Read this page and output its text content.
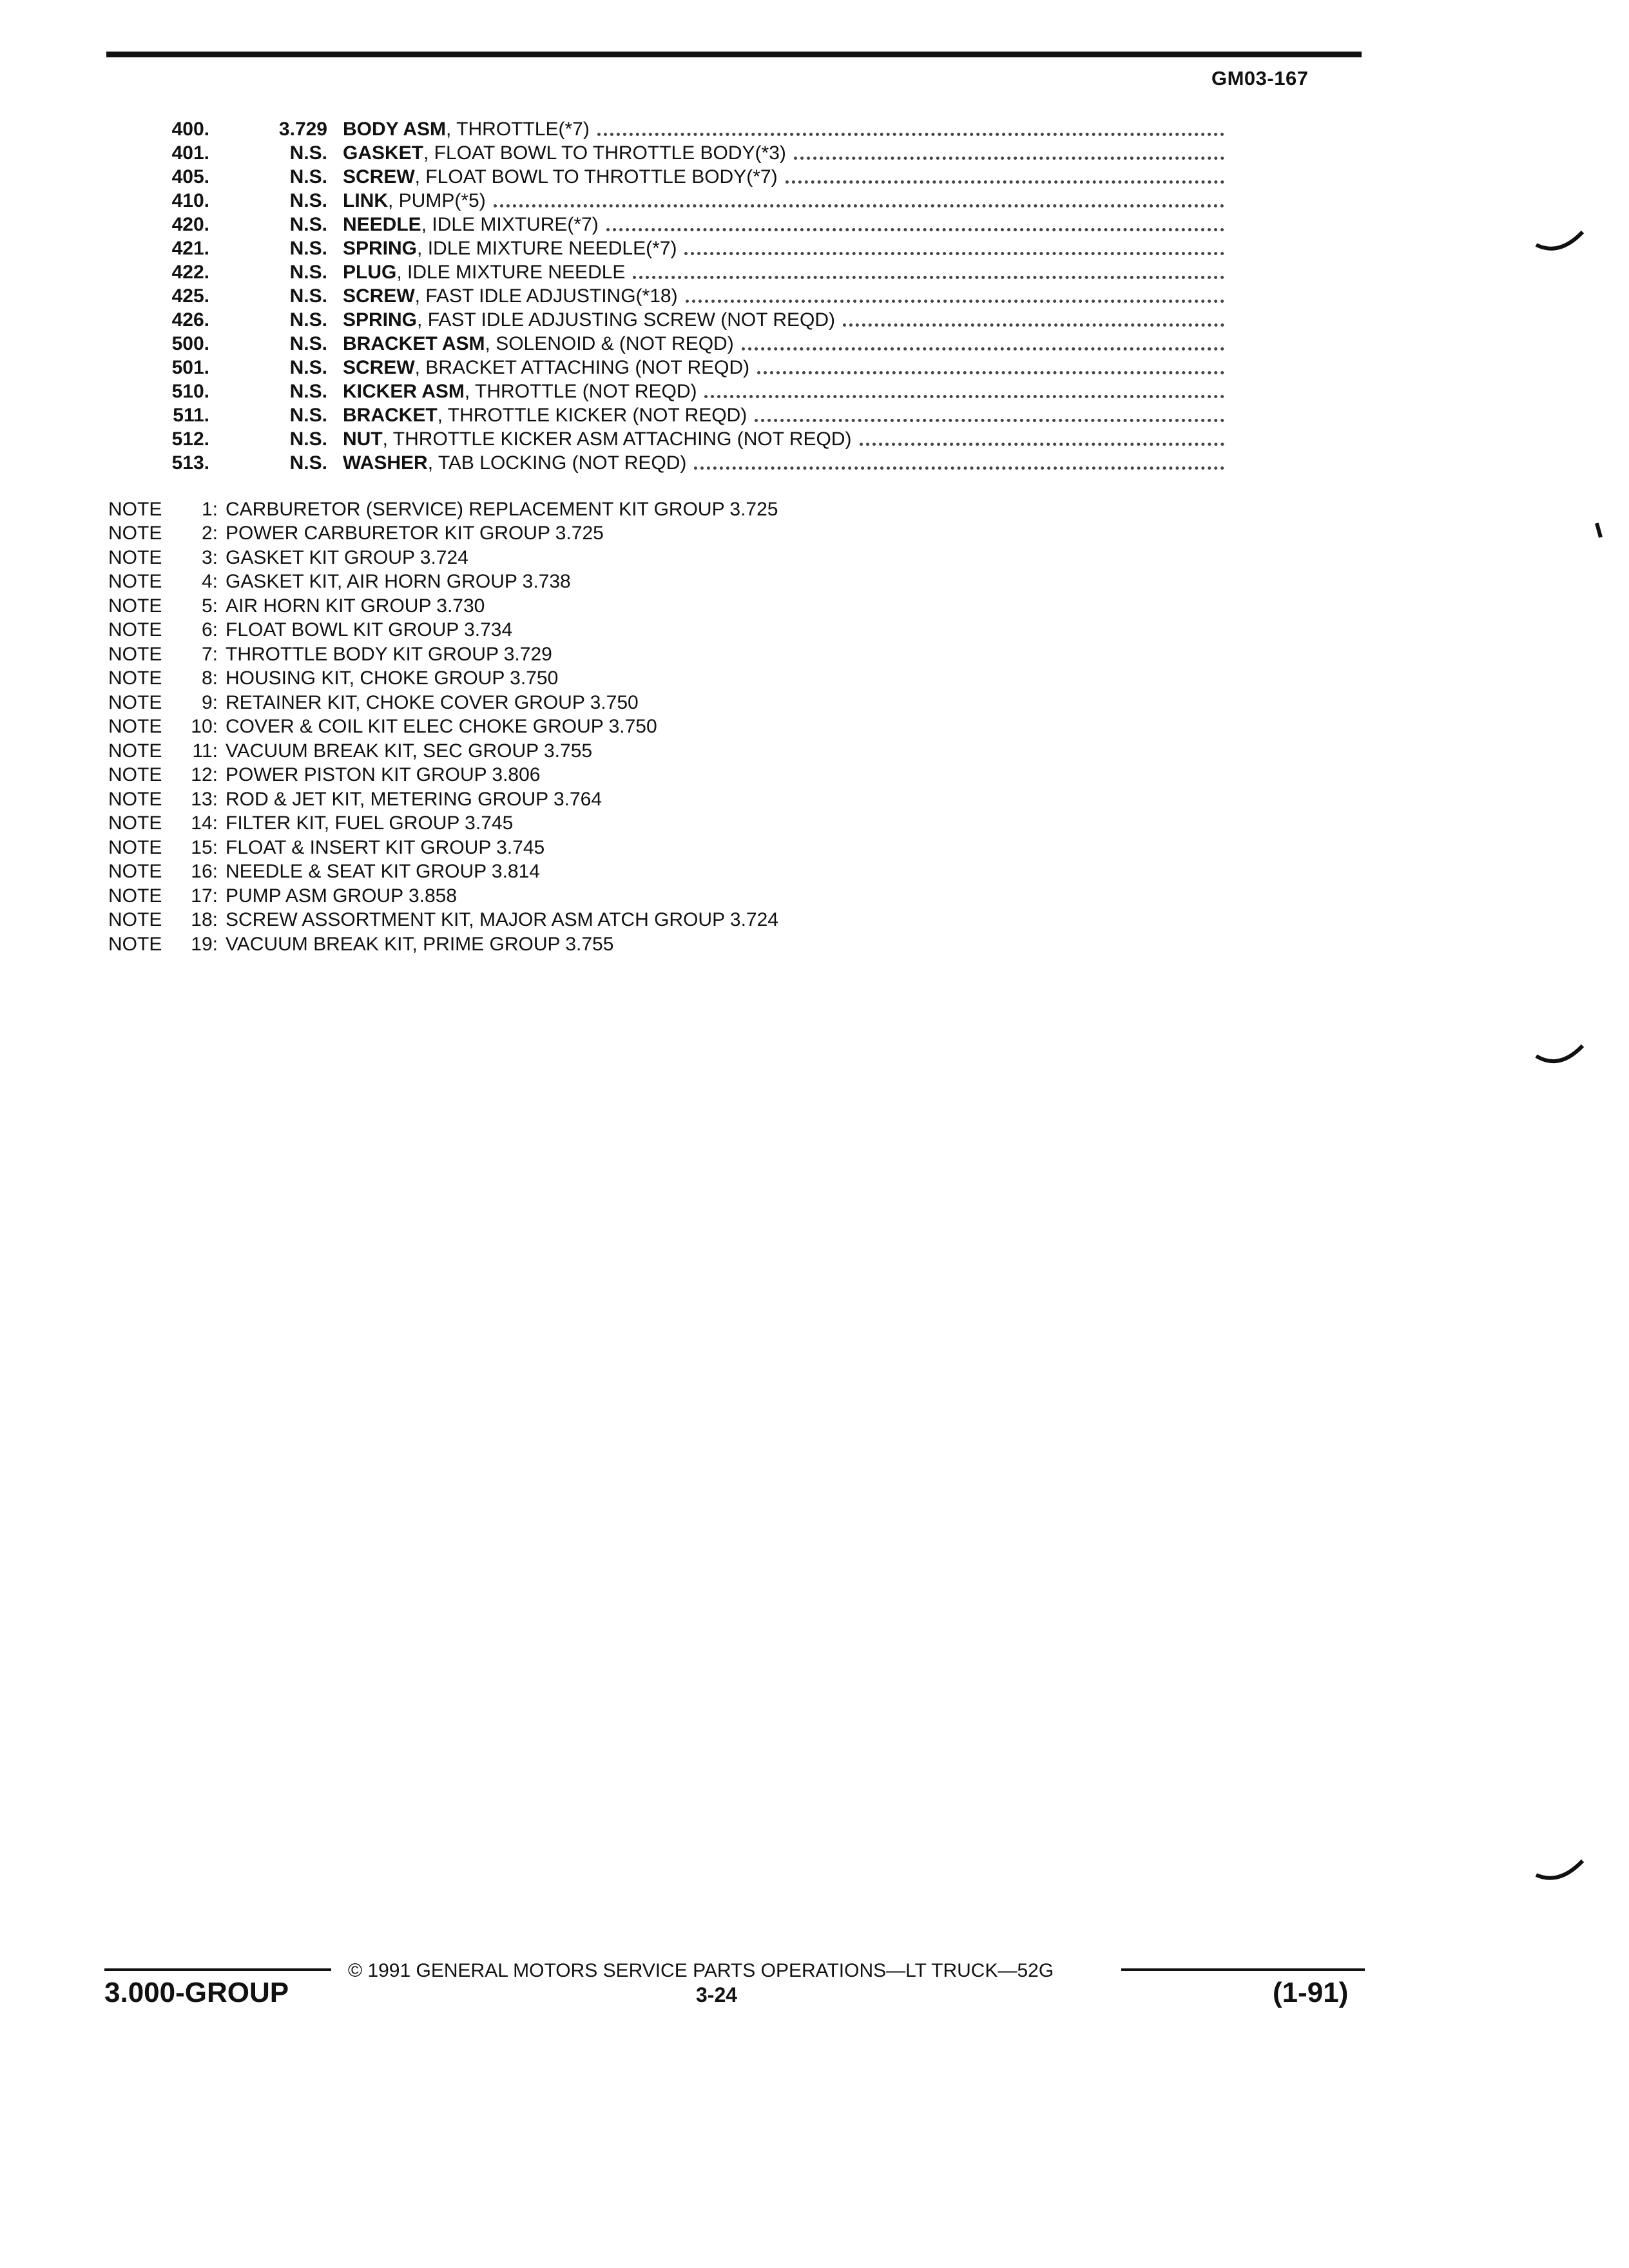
GM03-167
400.	3.729 BODY ASM , THROTTLE(*7)
401.	N.S. GASKET , FLOAT BOWL TO THROTTLE BODY(*3)
405.	N.S. SCREW , FLOAT BOWL TO THROTTLE BODY(*7)
410.	N.S. LINK , PUMP(*5)
420.	N.S. NEEDLE , IDLE MIXTURE(*7)
421.	N.S. SPRING , IDLE MIXTURE NEEDLE(*7)
422.	N.S. PLUG , IDLE MIXTURE NEEDLE
425.	N.S. SCREW , FAST IDLE ADJUSTING(*18)
426.	N.S. SPRING , FAST IDLE ADJUSTING SCREW (NOT REQD)
500.	N.S. BRACKET ASM , SOLENOID & (NOT REQD)
501.	N.S. SCREW , BRACKET ATTACHING (NOT REQD)
510.	N.S. KICKER ASM , THROTTLE (NOT REQD)
511.	N.S. BRACKET , THROTTLE KICKER (NOT REQD)
512.	N.S. NUT , THROTTLE KICKER ASM ATTACHING (NOT REQD)
513.	N.S. WASHER , TAB LOCKING (NOT REQD)
NOTE	1: CARBURETOR (SERVICE) REPLACEMENT KIT GROUP 3.725
NOTE	2: POWER CARBURETOR KIT GROUP 3.725
NOTE	3: GASKET KIT GROUP 3.724
NOTE	4: GASKET KIT, AIR HORN GROUP 3.738
NOTE	5: AIR HORN KIT GROUP 3.730
NOTE	6: FLOAT BOWL KIT GROUP 3.734
NOTE	7: THROTTLE BODY KIT GROUP 3.729
NOTE	8: HOUSING KIT, CHOKE GROUP 3.750
NOTE	9: RETAINER KIT, CHOKE COVER GROUP 3.750
NOTE	10: COVER & COIL KIT ELEC CHOKE GROUP 3.750
NOTE	11: VACUUM BREAK KIT, SEC GROUP 3.755
NOTE	12: POWER PISTON KIT GROUP 3.806
NOTE	13: ROD & JET KIT, METERING GROUP 3.764
NOTE	14: FILTER KIT, FUEL GROUP 3.745
NOTE	15: FLOAT & INSERT KIT GROUP 3.745
NOTE	16: NEEDLE & SEAT KIT GROUP 3.814
NOTE	17: PUMP ASM GROUP 3.858
NOTE	18: SCREW ASSORTMENT KIT, MAJOR ASM ATCH GROUP 3.724
NOTE	19: VACUUM BREAK KIT, PRIME GROUP 3.755
© 1991 GENERAL MOTORS SERVICE PARTS OPERATIONS—LT TRUCK—52G
3.000-GROUP	3-24	(1-91)
